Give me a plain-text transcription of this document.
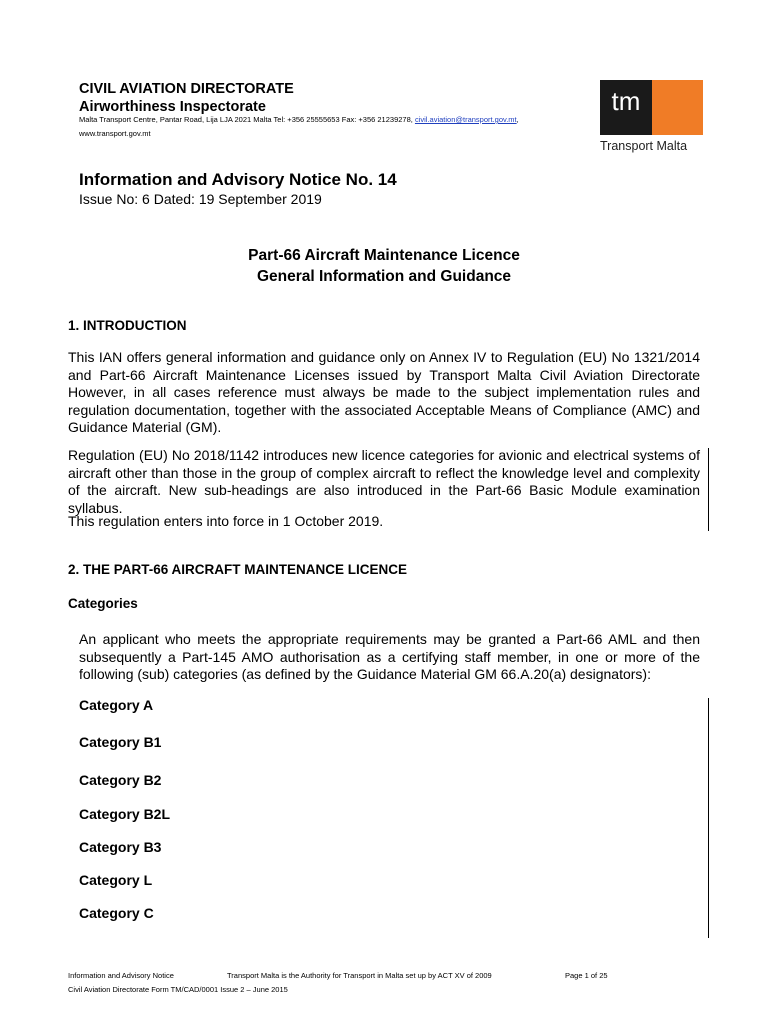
CIVIL AVIATION DIRECTORATE
Airworthiness Inspectorate
Malta Transport Centre, Pantar Road, Lija LJA 2021 Malta Tel: +356 25555653 Fax: +356 21239278, civil.aviation@transport.gov.mt,
www.transport.gov.mt
tm
Transport Malta
Information and Advisory Notice No. 14
Issue No: 6 Dated: 19 September 2019
Part-66 Aircraft Maintenance Licence
General Information and Guidance
1. INTRODUCTION

This IAN offers general information and guidance only on Annex IV to Regulation (EU) No 1321/2014 and Part-66 Aircraft Maintenance Licenses issued by Transport Malta Civil Aviation Directorate However, in all cases reference must always be made to the subject implementation rules and regulation documentation, together with the associated Acceptable Means of Compliance (AMC) and Guidance Material (GM).

Regulation (EU) No 2018/1142 introduces new licence categories for avionic and electrical systems of aircraft other than those in the group of complex aircraft to reflect the knowledge level and complexity of the aircraft. New sub-headings are also introduced in the Part-66 Basic Module examination syllabus.

This regulation enters into force in 1 October 2019.

2. THE PART-66 AIRCRAFT MAINTENANCE LICENCE
Categories

An applicant who meets the appropriate requirements may be granted a Part-66 AML and then subsequently a Part-145 AMO authorisation as a certifying staff member, in one or more of the following (sub) categories (as defined by the Guidance Material GM 66.A.20(a) designators):

Category A
Category B1
Category B2
Category B2L
Category B3
Category L
Category C
Information and Advisory Notice	Transport Malta is the Authority for Transport in Malta set up by ACT XV of 2009	Page 1 of 25
Civil Aviation Directorate Form TM/CAD/0001 Issue 2 – June 2015
